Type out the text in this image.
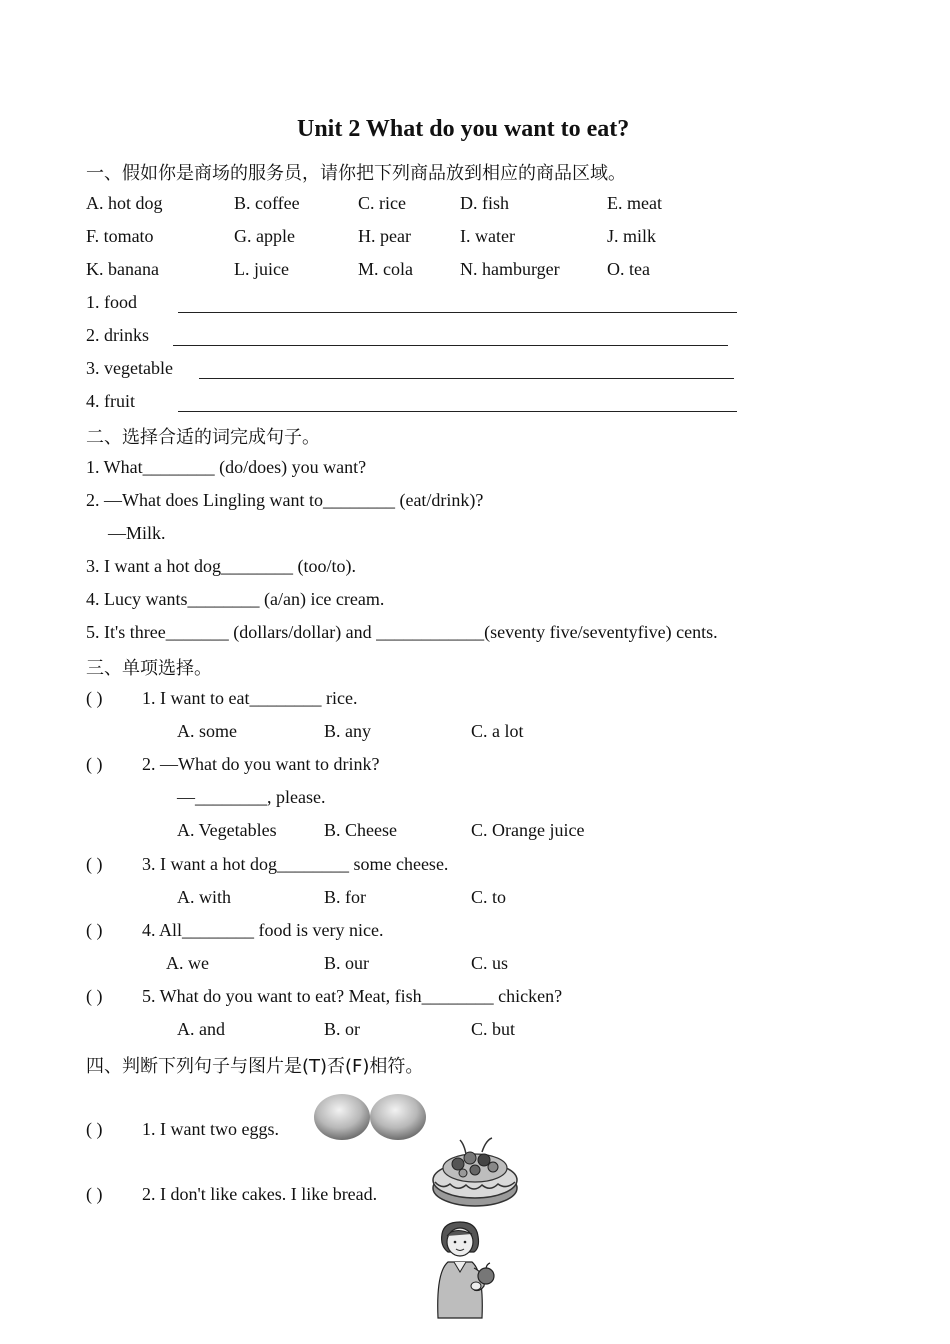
Unit 2 What do you want to eat?
一、假如你是商场的服务员，请你把下列商品放到相应的商品区域。
A. hot dog	B. coffee	C. rice	D. fish	E. meat
F. tomato	G. apple	H. pear	I. water	J. milk
K. banana	L. juice	M. cola	N. hamburger	O. tea
1. food
2. drinks
3. vegetable
4. fruit
二、选择合适的词完成句子。
1. What________ (do/does) you want?
2. —What does Lingling want to________ (eat/drink)?
—Milk.
3. I want a hot dog________ (too/to).
4. Lucy wants________ (a/an) ice cream.
5. It's three_______ (dollars/dollar) and ____________(seventy five/seventyfive) cents.
三、单项选择。
( ) 1. I want to eat________ rice.
A. some	B. any	C. a lot
( ) 2. —What do you want to drink?
—________, please.
A. Vegetables	B. Cheese	C. Orange juice
( ) 3. I want a hot dog________ some cheese.
A. with	B. for	C. to
( ) 4. All________ food is very nice.
A. we	B. our	C. us
( ) 5. What do you want to eat? Meat, fish________ chicken?
A. and	B. or	C. but
四、判断下列句子与图片是(T)否(F)相符。
( ) 1. I want two eggs.
( ) 2. I don't like cakes. I like bread.
